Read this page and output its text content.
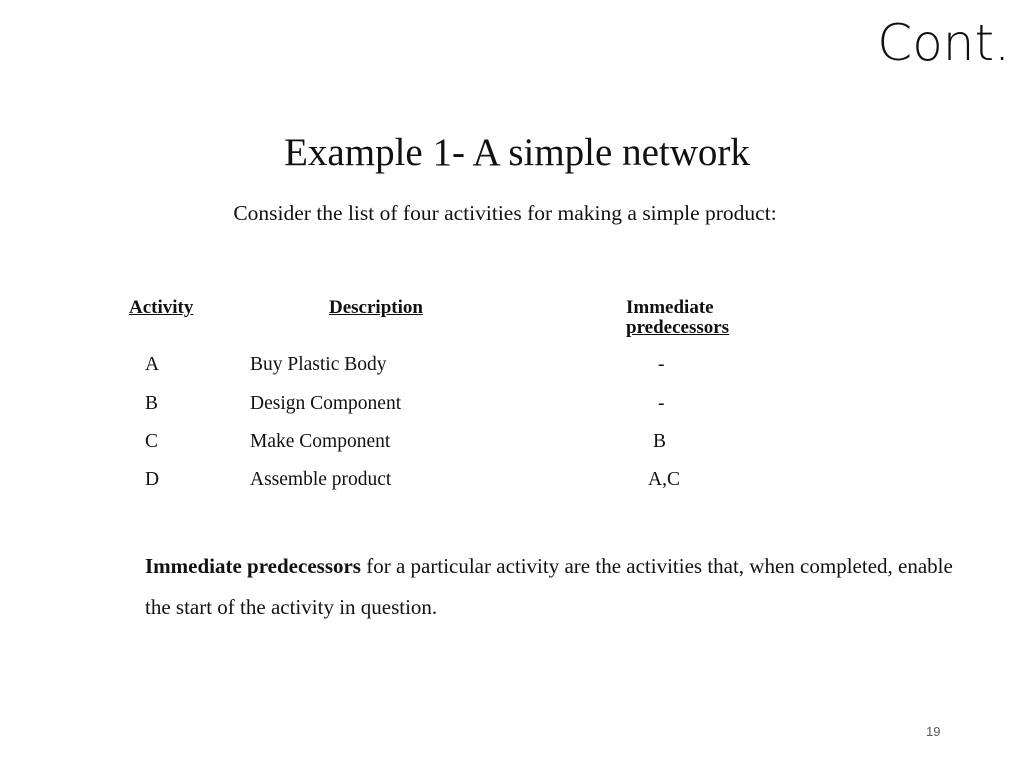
Cont.
Example 1- A simple network
Consider the list of four activities for making a simple product:
Activity	Description	Immediate
predecessors
A	Buy Plastic Body	-
B	Design Component	-
C	Make Component	B
D	Assemble product	A,C
Immediate predecessors for a particular activity are the activities that, when completed, enable the start of the activity in question.
19
